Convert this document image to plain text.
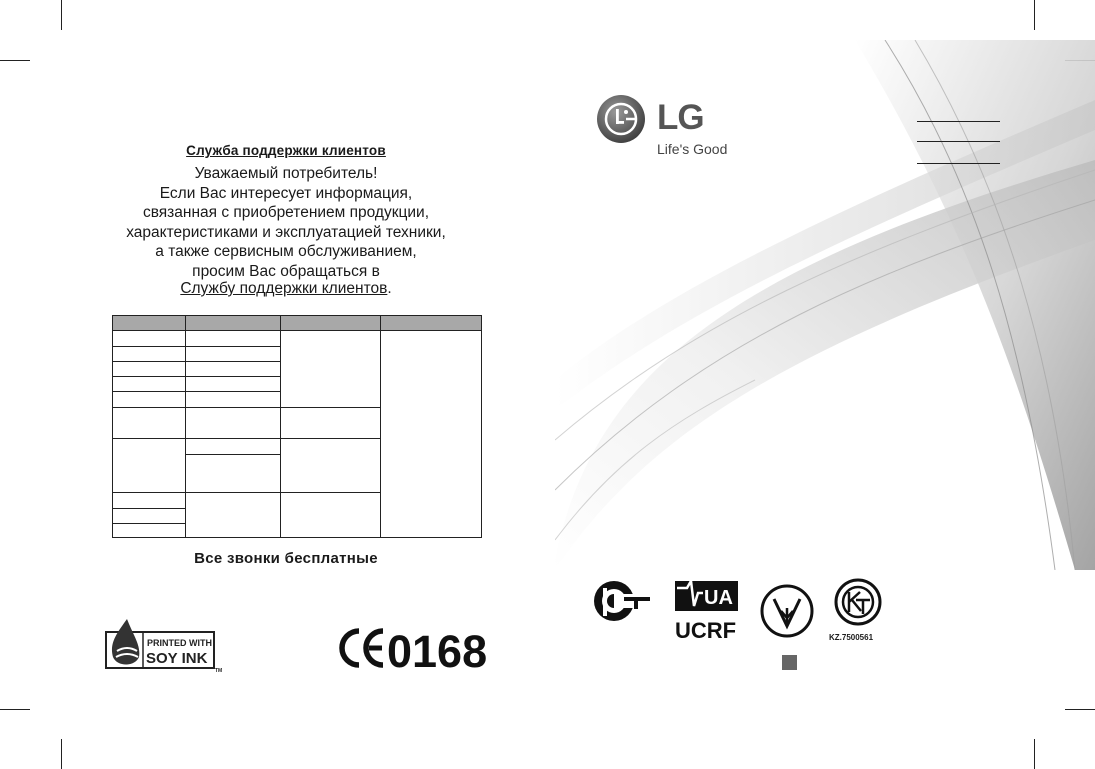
Служба поддержки клиентов
Уважаемый потребитель!
Если Вас интересует информация,
связанная с приобретением продукции,
характеристиками и эксплуатацией техники,
а также сервисным обслуживанием,
просим Вас обращаться в
Службу поддержки клиентов.
Все звонки бесплатные
PRINTED WITH
SOY INK
TM	0168
LG
Life's Good
UA
UCRF	KZ.7500561
